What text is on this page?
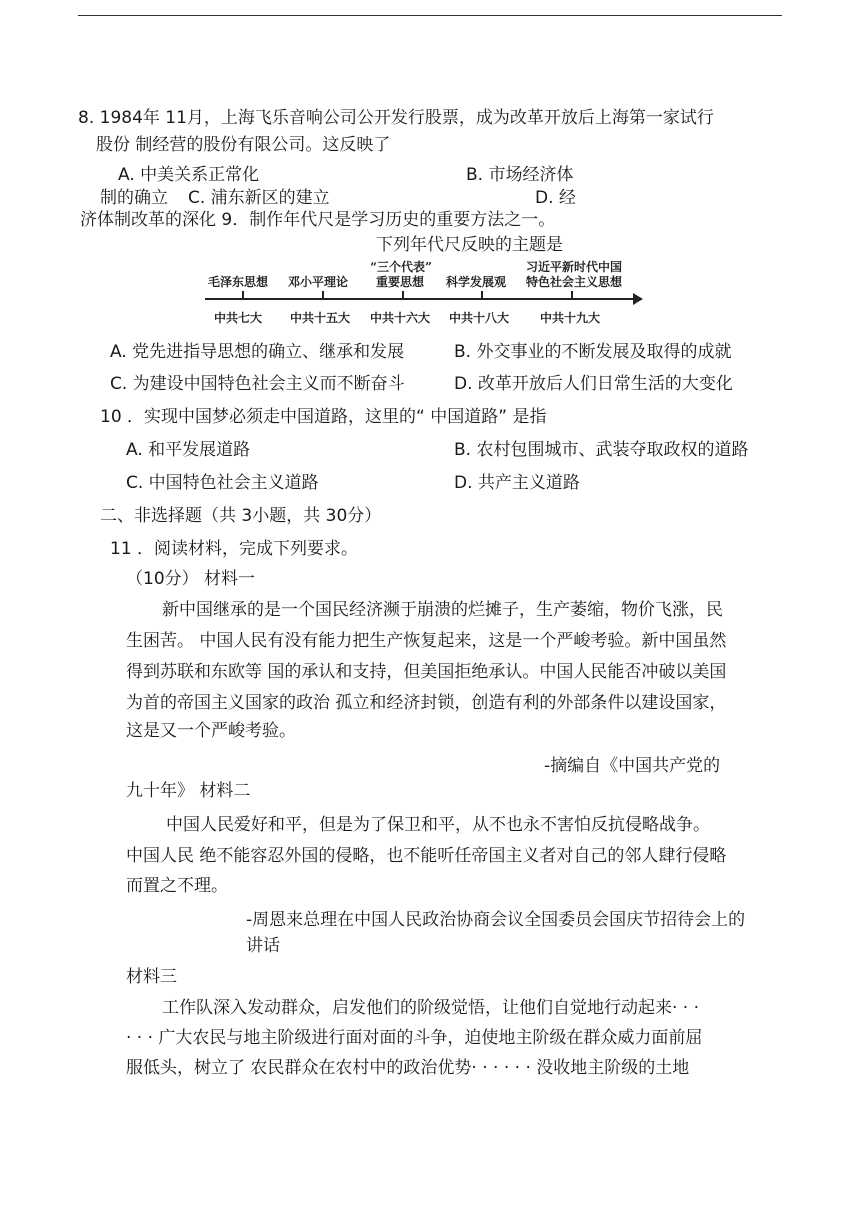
8. 1984年 11月，上海飞乐音响公司公开发行股票，成为改革开放后上海第一家试行
股份 制经营的股份有限公司。这反映了
A. 中美关系正常化	B. 市场经济体
制的确立 C. 浦东新区的建立	D. 经
济体制改革的深化 9．制作年代尺是学习历史的重要方法之一。
下列年代尺反映的主题是
毛泽东思想 邓小平理论
“三个代表”
重要思想 科学发展观
习近平新时代中国
特色社会主义思想
中共七大 中共十五大 中共十六大 中共十八大	中共十九大
A. 党先进指导思想的确立、继承和发展	B. 外交事业的不断发展及取得的成就
C. 为建设中国特色社会主义而不断奋斗	D. 改革开放后人们日常生活的大变化
10 ．实现中国梦必须走中国道路，这里的“ 中国道路” 是指
A. 和平发展道路	B. 农村包围城市、武装夺取政权的道路
C. 中国特色社会主义道路	D. 共产主义道路
二、非选择题（共 3小题，共 30分）
11 ．阅读材料，完成下列要求。
（10分） 材料一
新中国继承的是一个国民经济濒于崩溃的烂摊子，生产萎缩，物价飞涨，民
生困苦。 中国人民有没有能力把生产恢复起来，这是一个严峻考验。新中国虽然
得到苏联和东欧等 国的承认和支持，但美国拒绝承认。中国人民能否冲破以美国
为首的帝国主义国家的政治 孤立和经济封锁，创造有利的外部条件以建设国家，
这是又一个严峻考验。
-摘编自《中国共产党的
九十年》 材料二
中国人民爱好和平，但是为了保卫和平，从不也永不害怕反抗侵略战争。
中国人民 绝不能容忍外国的侵略，也不能听任帝国主义者对自己的邻人肆行侵略
而置之不理。
-周恩来总理在中国人民政治协商会议全国委员会国庆节招待会上的
讲话
材料三
工作队深入发动群众，启发他们的阶级觉悟，让他们自觉地行动起来· · ·
· · · 广大农民与地主阶级进行面对面的斗争，迫使地主阶级在群众威力面前屈
服低头，树立了 农民群众在农村中的政治优势· · · · · · 没收地主阶级的土地
